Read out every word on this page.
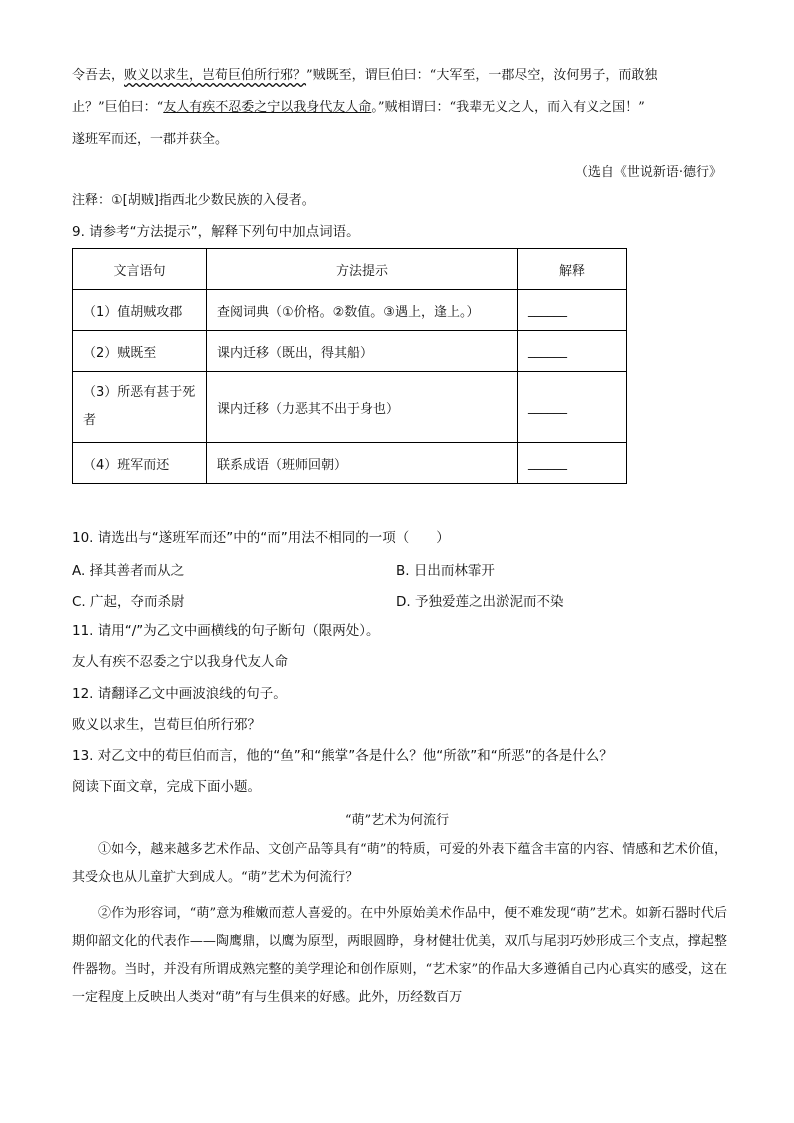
令吾去，败义以求生，岂荀巨伯所行邪？”贼既至，谓巨伯曰：“大军至，一郡尽空，汝何男子，而敢独
止？”巨伯曰：“友人有疾不忍委之宁以我身代友人命。”贼相谓曰：“我辈无义之人，而入有义之国！”
遂班军而还，一郡并获全。
（选自《世说新语·德行》
注释：①[胡贼]指西北少数民族的入侵者。
9. 请参考“方法提示”，解释下列句中加点词语。
文言语句	方法提示	解释
（1）值胡贼攻郡	查阅词典（①价格。②数值。③遇上，逢上。）	______
（2）贼既至	课内迁移（既出，得其船）	______
（3）所恶有甚于死者	课内迁移（力恶其不出于身也）	______
（4）班军而还	联系成语（班师回朝）	______
10. 请选出与“遂班军而还”中的“而”用法不相同的一项（　　）
A. 择其善者而从之	B. 日出而林霏开
C. 广起，夺而杀尉	D. 予独爱莲之出淤泥而不染
11. 请用“/”为乙文中画横线的句子断句（限两处）。
友人有疾不忍委之宁以我身代友人命
12. 请翻译乙文中画波浪线的句子。
败义以求生，岂荀巨伯所行邪？
13. 对乙文中的荀巨伯而言，他的“鱼”和“熊掌”各是什么？他“所欲”和“所恶”的各是什么？
阅读下面文章，完成下面小题。
“萌”艺术为何流行
①如今，越来越多艺术作品、文创产品等具有“萌”的特质，可爱的外表下蕴含丰富的内容、情感和艺术价值，其受众也从儿童扩大到成人。“萌”艺术为何流行？
②作为形容词，“萌”意为稚嫩而惹人喜爱的。在中外原始美术作品中，便不难发现“萌”艺术。如新石器时代后期仰韶文化的代表作——陶鹰鼎，以鹰为原型，两眼圆睁，身材健壮优美，双爪与尾羽巧妙形成三个支点，撑起整件器物。当时，并没有所谓成熟完整的美学理论和创作原则，“艺术家”的作品大多遵循自己内心真实的感受，这在一定程度上反映出人类对“萌”有与生俱来的好感。此外，历经数百万
